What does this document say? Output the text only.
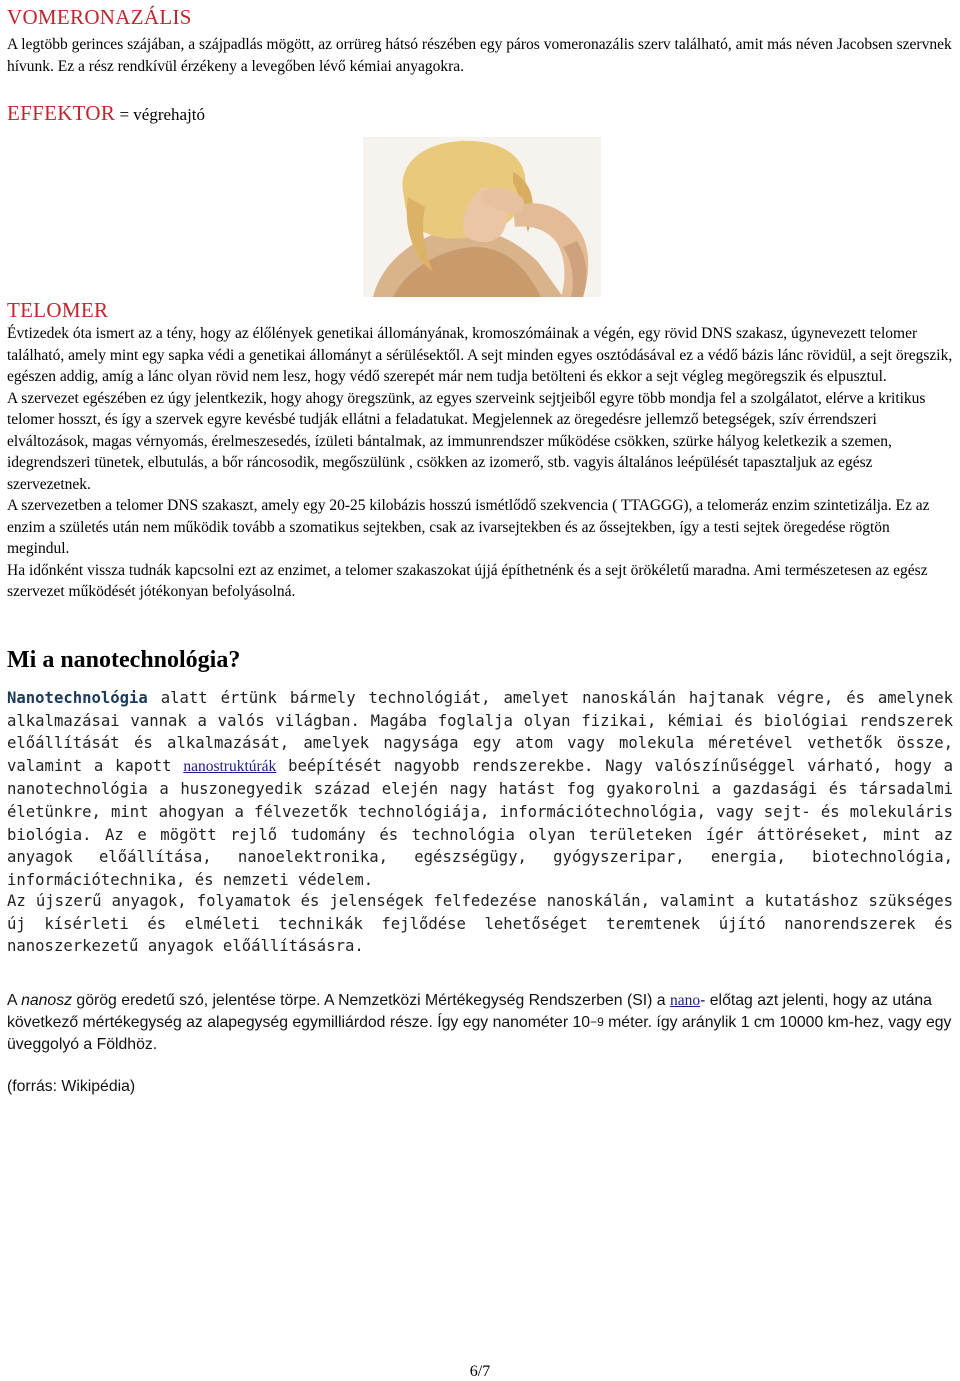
VOMERONAZÁLIS
A legtöbb gerinces szájában, a szájpadlás mögött, az orrüreg hátsó részében egy páros vomeronazális szerv található, amit más néven Jacobsen szervnek hívunk. Ez a rész rendkívül érzékeny a levegőben lévő kémiai anyagokra.
EFFEKTOR = végrehajtó
TELOMER
Évtizedek óta ismert az a tény, hogy az élőlények genetikai állományának, kromoszómáinak a végén, egy rövid DNS szakasz, úgynevezett telomer található, amely mint egy sapka védi a genetikai állományt a sérülésektől. A sejt minden egyes osztódásával ez a védő bázis lánc rövidül, a sejt öregszik, egészen addig, amíg a lánc olyan rövid nem lesz, hogy védő szerepét már nem tudja betölteni és ekkor a sejt végleg megöregszik és elpusztul.
A szervezet egészében ez úgy jelentkezik, hogy ahogy öregszünk, az egyes szerveink sejtjeiből egyre több mondja fel a szolgálatot, elérve a kritikus telomer hosszt, és így a szervek egyre kevésbé tudják ellátni a feladatukat. Megjelennek az öregedésre jellemző betegségek, szív érrendszeri elváltozások, magas vérnyomás, érelmeszesedés, ízületi bántalmak, az immunrendszer működése csökken, szürke hályog keletkezik a szemen, idegrendszeri tünetek, elbutulás, a bőr ráncosodik, megőszülünk , csökken az izomerő, stb. vagyis általános leépülését tapasztaljuk az egész szervezetnek.
A szervezetben a telomer DNS szakaszt, amely egy 20-25 kilobázis hosszú ismétlődő szekvencia ( TTAGGG), a telomeráz enzim szintetizálja. Ez az enzim a születés után nem működik tovább a szomatikus sejtekben, csak az ivarsejtekben és az őssejtekben, így a testi sejtek öregedése rögtön megindul.
Ha időnként vissza tudnák kapcsolni ezt az enzimet, a telomer szakaszokat újjá építhetnénk és a sejt örökéletű maradna. Ami természetesen az egész szervezet működését jótékonyan befolyásolná.
Mi a nanotechnológia?
Nanotechnológia alatt értünk bármely technológiát, amelyet nanoskálán hajtanak végre, és amelynek alkalmazásai vannak a valós világban. Magába foglalja olyan fizikai, kémiai és biológiai rendszerek előállítását és alkalmazását, amelyek nagysága egy atom vagy molekula méretével vethetők össze, valamint a kapott nanostruktúrák beépítését nagyobb rendszerekbe. Nagy valószínűséggel várható, hogy a nanotechnológia a huszonegyedik század elején nagy hatást fog gyakorolni a gazdasági és társadalmi életünkre, mint ahogyan a félvezetők technológiája, információtechnológia, vagy sejt- és molekuláris biológia. Az e mögött rejlő tudomány és technológia olyan területeken ígér áttöréseket, mint az anyagok előállítása, nanoelektronika, egészségügy, gyógyszeripar, energia, biotechnológia, információtechnika, és nemzeti védelem.
Az újszerű anyagok, folyamatok és jelenségek felfedezése nanoskálán, valamint a kutatáshoz szükséges új kísérleti és elméleti technikák fejlődése lehetőséget teremtenek újító nanorendszerek és nanoszerkezetű anyagok előállításásra.
A nanosz görög eredetű szó, jelentése törpe. A Nemzetközi Mértékegység Rendszerben (SI) a nano- előtag azt jelenti, hogy az utána következő mértékegység az alapegység egymilliárdod része. Így egy nanométer 10−9 méter. így aránylik 1 cm 10000 km-hez, vagy egy üveggolyó a Földhöz.
(forrás: Wikipédia)
6/7
